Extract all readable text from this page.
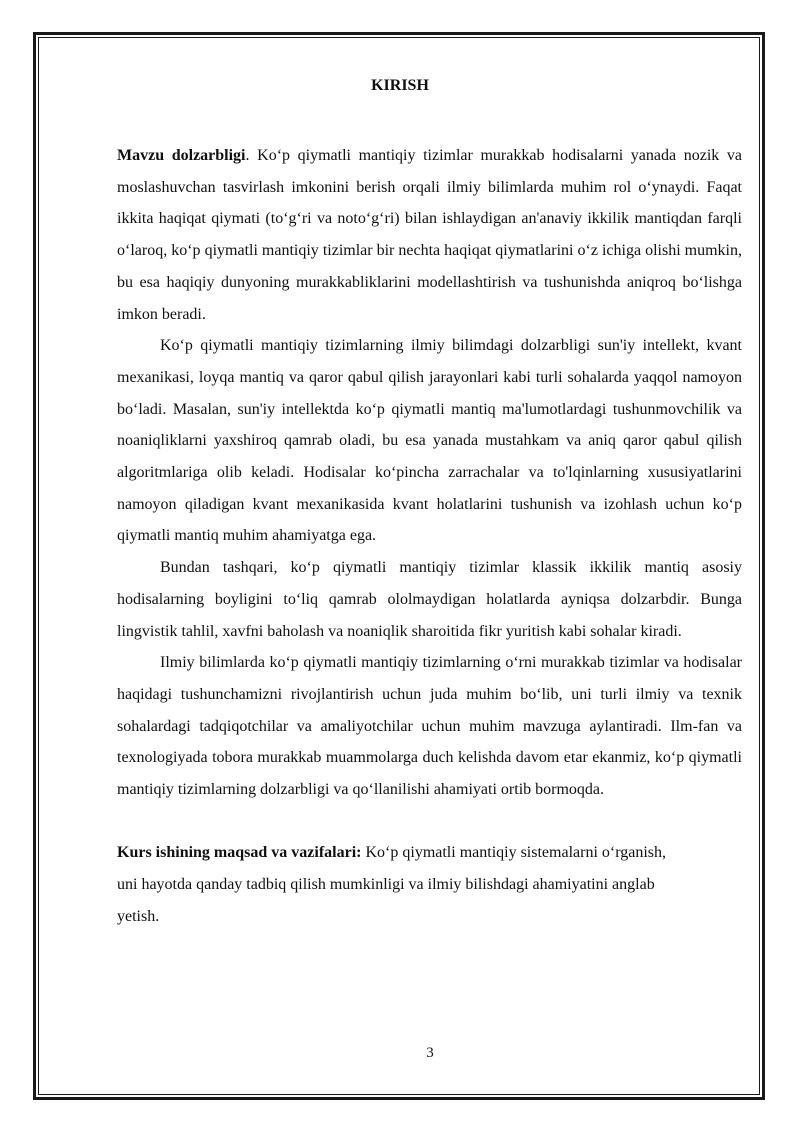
KIRISH

Mavzu dolzarbligi. Ko‘p qiymatli mantiqiy tizimlar murakkab hodisalarni yanada nozik va moslashuvchan tasvirlash imkonini berish orqali ilmiy bilimlarda muhim rol o‘ynaydi. Faqat ikkita haqiqat qiymati (to‘g‘ri va noto‘g‘ri) bilan ishlaydigan an'anaviy ikkilik mantiqdan farqli o‘laroq, ko‘p qiymatli mantiqiy tizimlar bir nechta haqiqat qiymatlarini o‘z ichiga olishi mumkin, bu esa haqiqiy dunyoning murakkabliklarini modellashtirish va tushunishda aniqroq bo‘lishga imkon beradi.

Ko‘p qiymatli mantiqiy tizimlarning ilmiy bilimdagi dolzarbligi sun'iy intellekt, kvant mexanikasi, loyqa mantiq va qaror qabul qilish jarayonlari kabi turli sohalarda yaqqol namoyon bo‘ladi. Masalan, sun'iy intellektda ko‘p qiymatli mantiq ma'lumotlardagi tushunmovchilik va noaniqliklarni yaxshiroq qamrab oladi, bu esa yanada mustahkam va aniq qaror qabul qilish algoritmlariga olib keladi. Hodisalar ko‘pincha zarrachalar va to'lqinlarning xususiyatlarini namoyon qiladigan kvant mexanikasida kvant holatlarini tushunish va izohlash uchun ko‘p qiymatli mantiq muhim ahamiyatga ega.

Bundan tashqari, ko‘p qiymatli mantiqiy tizimlar klassik ikkilik mantiq asosiy hodisalarning boyligini to‘liq qamrab ololmaydigan holatlarda ayniqsa dolzarbdir. Bunga lingvistik tahlil, xavfni baholash va noaniqlik sharoitida fikr yuritish kabi sohalar kiradi.

Ilmiy bilimlarda ko‘p qiymatli mantiqiy tizimlarning o‘rni murakkab tizimlar va hodisalar haqidagi tushunchamizni rivojlantirish uchun juda muhim bo‘lib, uni turli ilmiy va texnik sohalardagi tadqiqotchilar va amaliyotchilar uchun muhim mavzuga aylantiradi. Ilm-fan va texnologiyada tobora murakkab muammolarga duch kelishda davom etar ekanmiz, ko‘p qiymatli mantiqiy tizimlarning dolzarbligi va qo‘llanilishi ahamiyati ortib bormoqda.

Kurs ishining maqsad va vazifalari: Ko‘p qiymatli mantiqiy sistemalarni o‘rganish, uni hayotda qanday tadbiq qilish mumkinligi va ilmiy bilishdagi ahamiyatini anglab yetish.

3
